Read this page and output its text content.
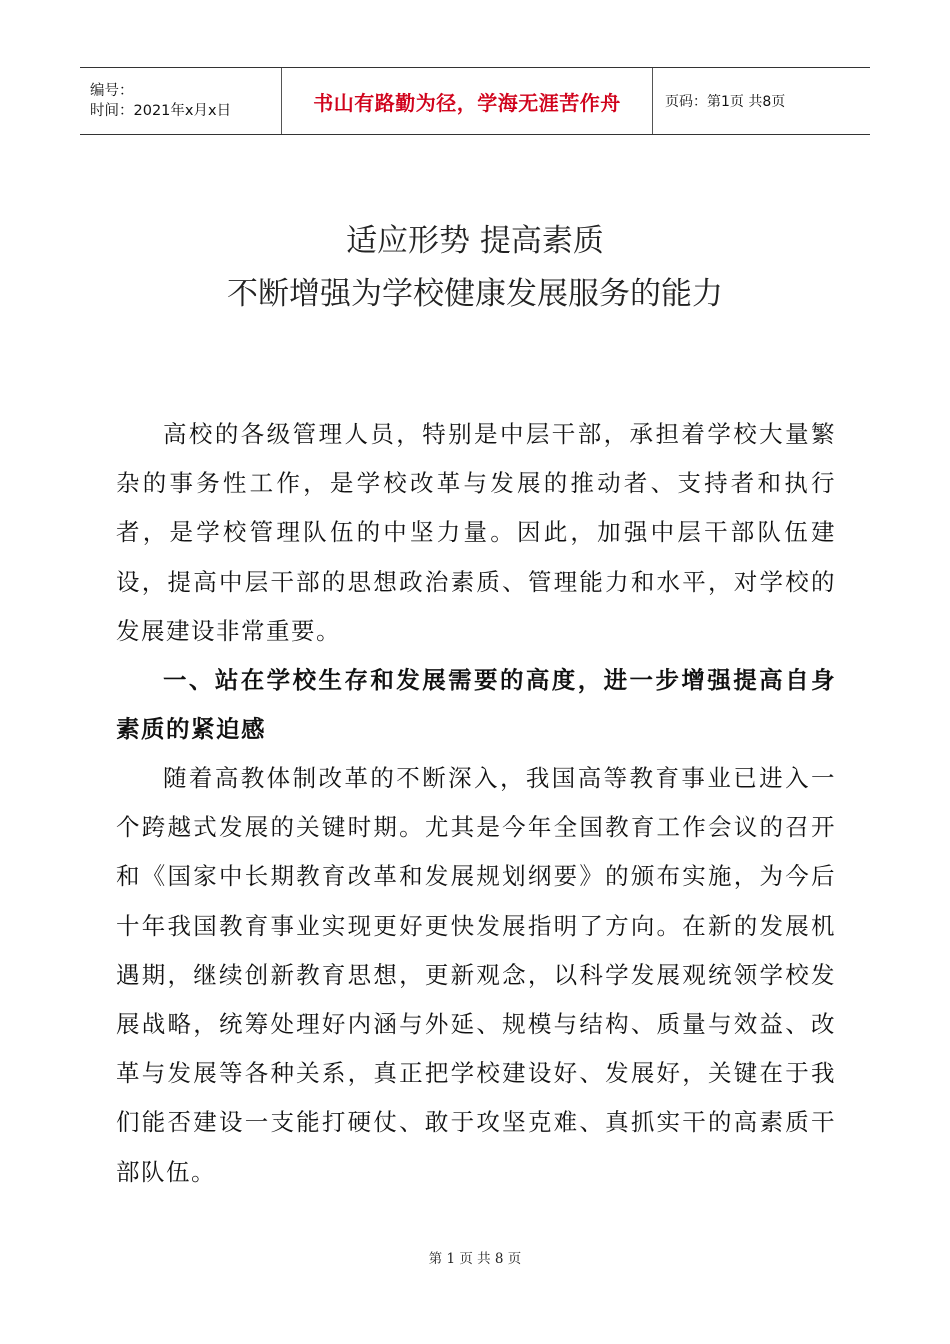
编号：
时间：2021年x月x日	书山有路勤为径，学海无涯苦作舟	页码：第1页 共8页
适应形势 提高素质
不断增强为学校健康发展服务的能力

高校的各级管理人员，特别是中层干部，承担着学校大量繁杂的事务性工作，是学校改革与发展的推动者、支持者和执行者，是学校管理队伍的中坚力量。因此，加强中层干部队伍建设，提高中层干部的思想政治素质、管理能力和水平，对学校的发展建设非常重要。

一、站在学校生存和发展需要的高度，进一步增强提高自身素质的紧迫感

随着高教体制改革的不断深入，我国高等教育事业已进入一个跨越式发展的关键时期。尤其是今年全国教育工作会议的召开和《国家中长期教育改革和发展规划纲要》的颁布实施，为今后十年我国教育事业实现更好更快发展指明了方向。在新的发展机遇期，继续创新教育思想，更新观念，以科学发展观统领学校发展战略，统筹处理好内涵与外延、规模与结构、质量与效益、改革与发展等各种关系，真正把学校建设好、发展好，关键在于我们能否建设一支能打硬仗、敢于攻坚克难、真抓实干的高素质干部队伍。

第 1 页 共 8 页
